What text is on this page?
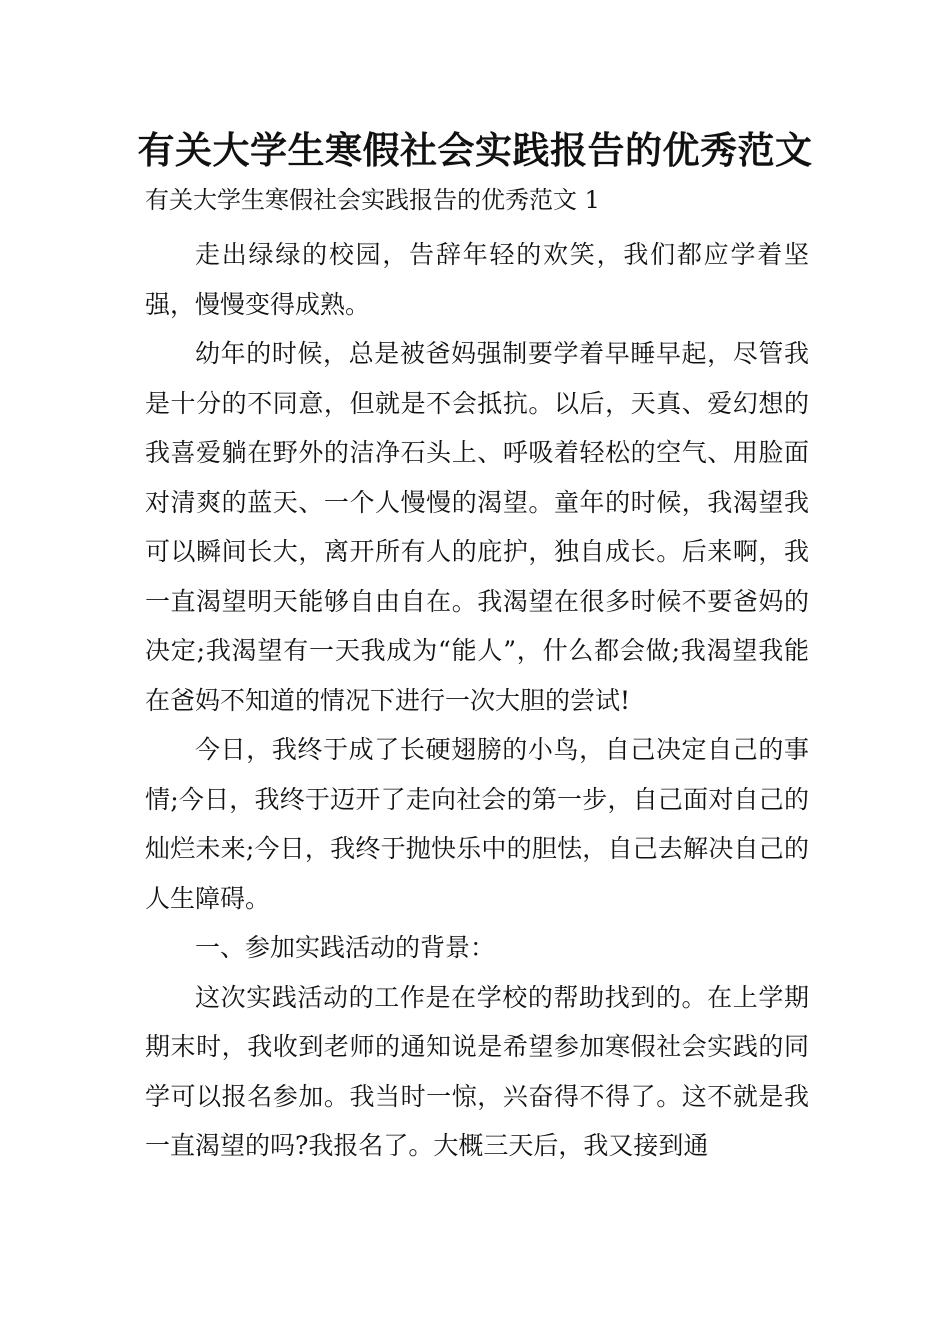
有关大学生寒假社会实践报告的优秀范文
有关大学生寒假社会实践报告的优秀范文 1

走出绿绿的校园，告辞年轻的欢笑，我们都应学着坚强，慢慢变得成熟。

幼年的时候，总是被爸妈强制要学着早睡早起，尽管我是十分的不同意，但就是不会抵抗。以后，天真、爱幻想的我喜爱躺在野外的洁净石头上、呼吸着轻松的空气、用脸面对清爽的蓝天、一个人慢慢的渴望。童年的时候，我渴望我可以瞬间长大，离开所有人的庇护，独自成长。后来啊，我一直渴望明天能够自由自在。我渴望在很多时候不要爸妈的决定;我渴望有一天我成为“能人”，什么都会做;我渴望我能在爸妈不知道的情况下进行一次大胆的尝试!

今日，我终于成了长硬翅膀的小鸟，自己决定自己的事情;今日，我终于迈开了走向社会的第一步，自己面对自己的灿烂未来;今日，我终于抛快乐中的胆怯，自己去解决自己的人生障碍。

一、参加实践活动的背景：

这次实践活动的工作是在学校的帮助找到的。在上学期期末时，我收到老师的通知说是希望参加寒假社会实践的同学可以报名参加。我当时一惊，兴奋得不得了。这不就是我一直渴望的吗?我报名了。大概三天后，我又接到通
